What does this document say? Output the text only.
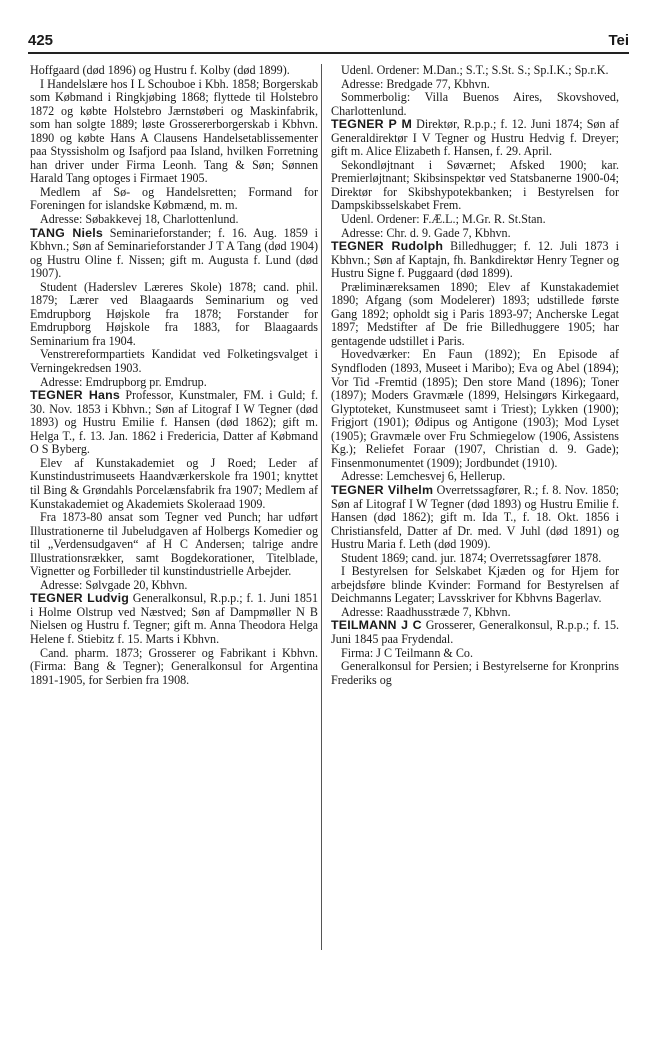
425	Tei

Hoffgaard (død 1896) og Hustru f. Kolby (død 1899).

I Handelslære hos I L Schouboe i Kbh. 1858; Borgerskab som Købmand i Ringkjøbing 1868; flyttede til Holstebro 1872 og købte Holstebro Jærnstøberi og Maskinfabrik, som han solgte 1889; løste Grossererborgerskab i Kbhvn. 1890 og købte Hans A Clausens Handelsetablissementer paa Styssisholm og Isafjord paa Island, hvilken Forretning han driver under Firma Leonh. Tang & Søn; Sønnen Harald Tang optoges i Firmaet 1905.

Medlem af Sø- og Handelsretten; Formand for Foreningen for islandske Købmænd, m. m.

Adresse: Søbakkevej 18, Charlottenlund.

TANG Niels Seminarieforstander; f. 16. Aug. 1859 i Kbhvn.; Søn af Seminarieforstander J T A Tang (død 1904) og Hustru Oline f. Nissen; gift m. Augusta f. Lund (død 1907).

Student (Haderslev Læreres Skole) 1878; cand. phil. 1879; Lærer ved Blaagaards Seminarium og ved Emdrupborg Højskole fra 1878; Forstander for Emdrupborg Højskole fra 1883, for Blaagaards Seminarium fra 1904.

Venstrereformpartiets Kandidat ved Folketingsvalget i Verningekredsen 1903.

Adresse: Emdrupborg pr. Emdrup.

TEGNER Hans Professor, Kunstmaler, FM. i Guld; f. 30. Nov. 1853 i Kbhvn.; Søn af Litograf I W Tegner (død 1893) og Hustru Emilie f. Hansen (død 1862); gift m. Helga T., f. 13. Jan. 1862 i Fredericia, Datter af Købmand O S Byberg.

Elev af Kunstakademiet og J Roed; Leder af Kunstindustrimuseets Haandværkerskole fra 1901; knyttet til Bing & Grøndahls Porcelænsfabrik fra 1907; Medlem af Kunstakademiet og Akademiets Skoleraad 1909.

Fra 1873-80 ansat som Tegner ved Punch; har udført Illustrationerne til Jubeludgaven af Holbergs Komedier og til „Verdensudgaven“ af H C Andersen; talrige andre Illustrationsrækker, samt Bogdekorationer, Titelblade, Vignetter og Forbilleder til kunstindustrielle Arbejder.

Adresse: Sølvgade 20, Kbhvn.

TEGNER Ludvig Generalkonsul, R.p.p.; f. 1. Juni 1851 i Holme Olstrup ved Næstved; Søn af Dampmøller N B Nielsen og Hustru f. Tegner; gift m. Anna Theodora Helga Helene f. Stiebitz f. 15. Marts i Kbhvn.

Cand. pharm. 1873; Grosserer og Fabrikant i Kbhvn. (Firma: Bang & Tegner); Generalkonsul for Argentina 1891-1905, for Serbien fra 1908.

Udenl. Ordener: M.Dan.; S.T.; S.St. S.; Sp.I.K.; Sp.r.K.

Adresse: Bredgade 77, Kbhvn.

Sommerbolig: Villa Buenos Aires, Skovshoved, Charlottenlund.

TEGNER P M Direktør, R.p.p.; f. 12. Juni 1874; Søn af Generaldirektør I V Tegner og Hustru Hedvig f. Dreyer; gift m. Alice Elizabeth f. Hansen, f. 29. April.

Sekondløjtnant i Søværnet; Afsked 1900; kar. Premierløjtnant; Skibsinspektør ved Statsbanerne 1900-04; Direktør for Skibshypotekbanken; i Bestyrelsen for Dampskibsselskabet Frem.

Udenl. Ordener: F.Æ.L.; M.Gr. R. St.Stan.

Adresse: Chr. d. 9. Gade 7, Kbhvn.

TEGNER Rudolph Billedhugger; f. 12. Juli 1873 i Kbhvn.; Søn af Kaptajn, fh. Bankdirektør Henry Tegner og Hustru Signe f. Puggaard (død 1899).

Præliminæreksamen 1890; Elev af Kunstakademiet 1890; Afgang (som Modelerer) 1893; udstillede første Gang 1892; opholdt sig i Paris 1893-97; Ancherske Legat 1897; Medstifter af De frie Billedhuggere 1905; har gentagende udstillet i Paris.

Hovedværker: En Faun (1892); En Episode af Syndfloden (1893, Museet i Maribo); Eva og Abel (1894); Vor Tid -Fremtid (1895); Den store Mand (1896); Toner (1897); Moders Gravmæle (1899, Helsingørs Kirkegaard, Glyptoteket, Kunstmuseet samt i Triest); Lykken (1900); Frigjort (1901); Ødipus og Antigone (1903); Mod Lyset (1905); Gravmæle over Fru Schmiegelow (1906, Assistens Kg.); Reliefet Foraar (1907, Christian d. 9. Gade); Finsenmonumentet (1909); Jordbundet (1910).

Adresse: Lemchesvej 6, Hellerup.

TEGNER Vilhelm Overretssagfører, R.; f. 8. Nov. 1850; Søn af Litograf I W Tegner (død 1893) og Hustru Emilie f. Hansen (død 1862); gift m. Ida T., f. 18. Okt. 1856 i Christiansfeld, Datter af Dr. med. V Juhl (død 1891) og Hustru Maria f. Leth (død 1909).

Student 1869; cand. jur. 1874; Overretssagfører 1878.

I Bestyrelsen for Selskabet Kjæden og for Hjem for arbejdsføre blinde Kvinder: Formand for Bestyrelsen af Deichmanns Legater; Lavsskriver for Kbhvns Bagerlav.

Adresse: Raadhusstræde 7, Kbhvn.

TEILMANN J C Grosserer, Generalkonsul, R.p.p.; f. 15. Juni 1845 paa Frydendal.

Firma: J C Teilmann & Co.

Generalkonsul for Persien; i Bestyrelserne for Kronprins Frederiks og
